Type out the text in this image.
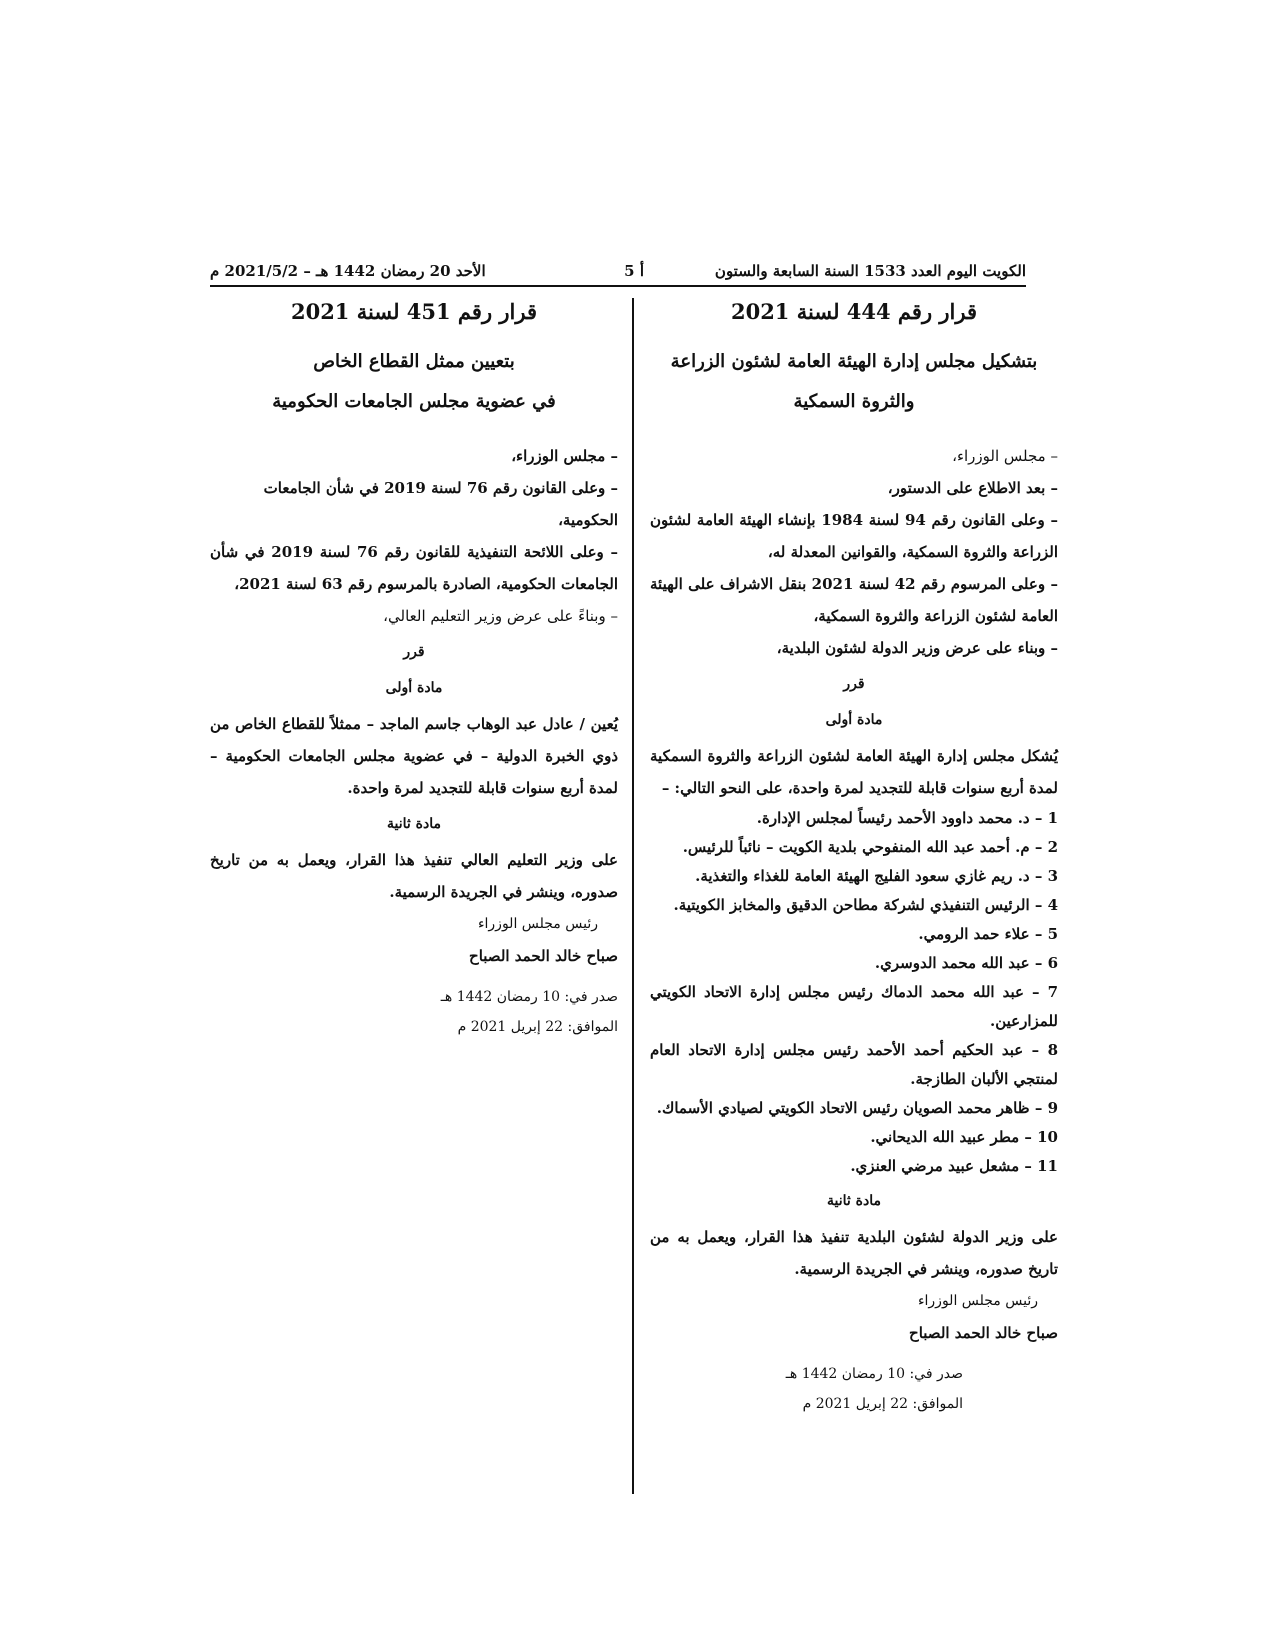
الكويت اليوم العدد 1533 السنة السابعة والستون
أ 5
الأحد 20 رمضان 1442 هـ – 2021/5/2 م
قرار رقم 444 لسنة 2021
بتشكيل مجلس إدارة الهيئة العامة لشئون الزراعة
والثروة السمكية

– مجلس الوزراء،

– بعد الاطلاع على الدستور،

– وعلى القانون رقم 94 لسنة 1984 بإنشاء الهيئة العامة لشئون الزراعة والثروة السمكية، والقوانين المعدلة له،

– وعلى المرسوم رقم 42 لسنة 2021 بنقل الاشراف على الهيئة العامة لشئون الزراعة والثروة السمكية،

– وبناء على عرض وزير الدولة لشئون البلدية،

قرر

مادة أولى

يُشكل مجلس إدارة الهيئة العامة لشئون الزراعة والثروة السمكية لمدة أربع سنوات قابلة للتجديد لمرة واحدة، على النحو التالي: –

1 – د. محمد داوود الأحمد رئيساً لمجلس الإدارة.

2 – م. أحمد عبد الله المنفوحي بلدية الكويت – نائباً للرئيس.

3 – د. ريم غازي سعود الفليج الهيئة العامة للغذاء والتغذية.

4 – الرئيس التنفيذي لشركة مطاحن الدقيق والمخابز الكويتية.

5 – علاء حمد الرومي.

6 – عبد الله محمد الدوسري.

7 – عبد الله محمد الدماك رئيس مجلس إدارة الاتحاد الكويتي للمزارعين.

8 – عبد الحكيم أحمد الأحمد رئيس مجلس إدارة الاتحاد العام لمنتجي الألبان الطازجة.

9 – ظاهر محمد الصويان رئيس الاتحاد الكويتي لصيادي الأسماك.

10 – مطر عبيد الله الديحاني.

11 – مشعل عبيد مرضي العنزي.

مادة ثانية

على وزير الدولة لشئون البلدية تنفيذ هذا القرار، ويعمل به من تاريخ صدوره، وينشر في الجريدة الرسمية.

رئيس مجلس الوزراء

صباح خالد الحمد الصباح

صدر في: 10 رمضان 1442 هـ

الموافق: 22 إبريل 2021 م

قرار رقم 451 لسنة 2021
بتعيين ممثل القطاع الخاص
في عضوية مجلس الجامعات الحكومية

– مجلس الوزراء،

– وعلى القانون رقم 76 لسنة 2019 في شأن الجامعات الحكومية،

– وعلى اللائحة التنفيذية للقانون رقم 76 لسنة 2019 في شأن الجامعات الحكومية، الصادرة بالمرسوم رقم 63 لسنة 2021،

– وبناءً على عرض وزير التعليم العالي،

قرر

مادة أولى

يُعين / عادل عبد الوهاب جاسم الماجد – ممثلاً للقطاع الخاص من ذوي الخبرة الدولية – في عضوية مجلس الجامعات الحكومية – لمدة أربع سنوات قابلة للتجديد لمرة واحدة.

مادة ثانية

على وزير التعليم العالي تنفيذ هذا القرار، ويعمل به من تاريخ صدوره، وينشر في الجريدة الرسمية.

رئيس مجلس الوزراء

صباح خالد الحمد الصباح

صدر في: 10 رمضان 1442 هـ

الموافق: 22 إبريل 2021 م
